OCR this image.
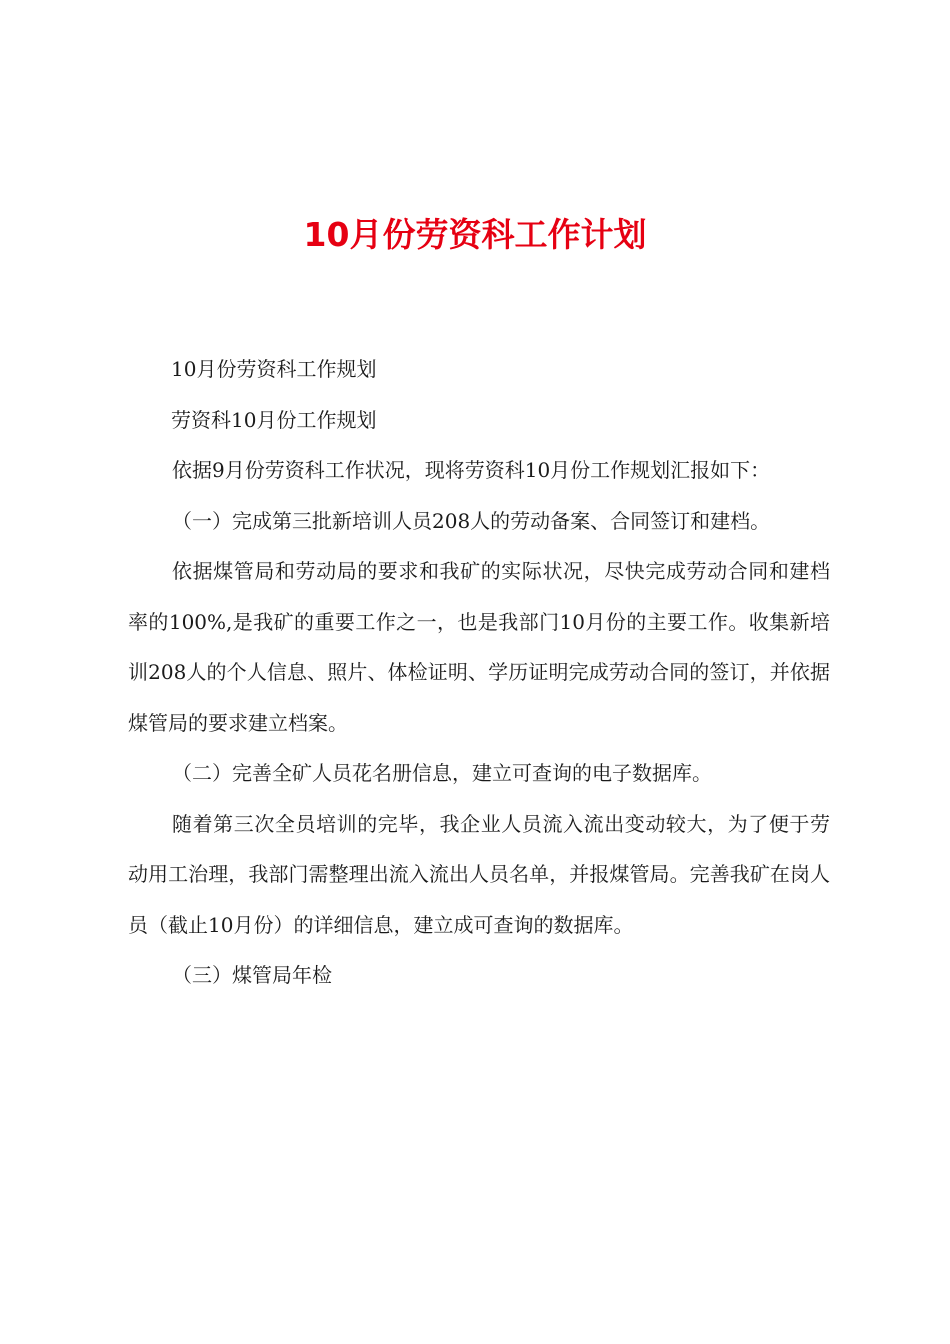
10月份劳资科工作计划

10月份劳资科工作规划

劳资科10月份工作规划

依据9月份劳资科工作状况，现将劳资科10月份工作规划汇报如下：

（一）完成第三批新培训人员208人的劳动备案、合同签订和建档。

依据煤管局和劳动局的要求和我矿的实际状况，尽快完成劳动合同和建档率的100%,是我矿的重要工作之一，也是我部门10月份的主要工作。收集新培训208人的个人信息、照片、体检证明、学历证明完成劳动合同的签订，并依据煤管局的要求建立档案。

（二）完善全矿人员花名册信息，建立可查询的电子数据库。

随着第三次全员培训的完毕，我企业人员流入流出变动较大，为了便于劳动用工治理，我部门需整理出流入流出人员名单，并报煤管局。完善我矿在岗人员（截止10月份）的详细信息，建立成可查询的数据库。

（三）煤管局年检
